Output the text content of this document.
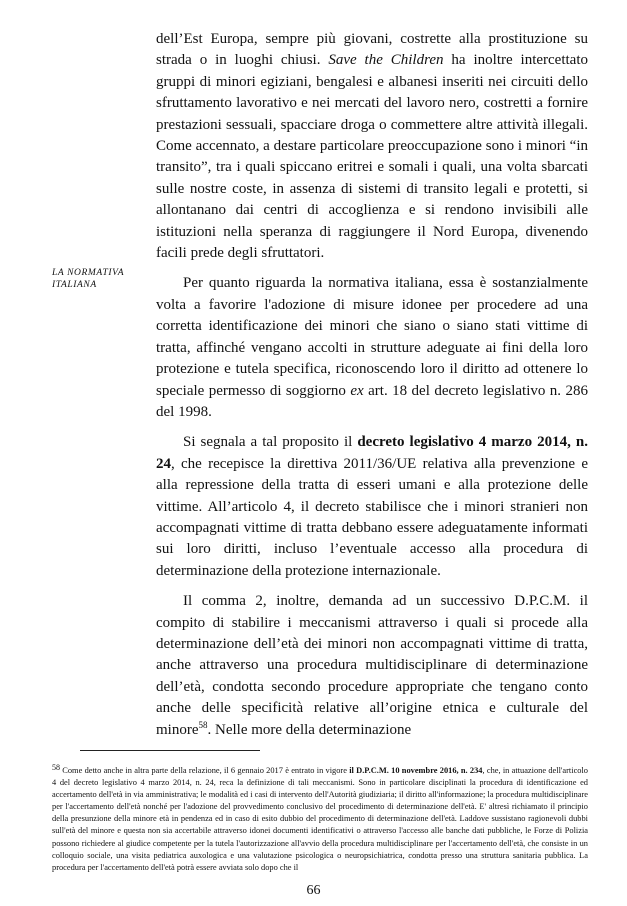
LA NORMATIVA ITALIANA

dell’Est Europa, sempre più giovani, costrette alla prostituzione su strada o in luoghi chiusi. Save the Children ha inoltre intercettato gruppi di minori egiziani, bengalesi e albanesi inseriti nei circuiti dello sfruttamento lavorativo e nei mercati del lavoro nero, costretti a fornire prestazioni sessuali, spacciare droga o commettere altre attività illegali. Come accennato, a destare particolare preoccupazione sono i minori “in transito”, tra i quali spiccano eritrei e somali i quali, una volta sbarcati sulle nostre coste, in assenza di sistemi di transito legali e protetti, si allontanano dai centri di accoglienza e si rendono invisibili alle istituzioni nella speranza di raggiungere il Nord Europa, divenendo facili prede degli sfruttatori.

Per quanto riguarda la normativa italiana, essa è sostanzialmente volta a favorire l'adozione di misure idonee per procedere ad una corretta identificazione dei minori che siano o siano stati vittime di tratta, affinché vengano accolti in strutture adeguate ai fini della loro protezione e tutela specifica, riconoscendo loro il diritto ad ottenere lo speciale permesso di soggiorno ex art. 18 del decreto legislativo n. 286 del 1998.

Si segnala a tal proposito il decreto legislativo 4 marzo 2014, n. 24, che recepisce la direttiva 2011/36/UE relativa alla prevenzione e alla repressione della tratta di esseri umani e alla protezione delle vittime. All’articolo 4, il decreto stabilisce che i minori stranieri non accompagnati vittime di tratta debbano essere adeguatamente informati sui loro diritti, incluso l’eventuale accesso alla procedura di determinazione della protezione internazionale.

Il comma 2, inoltre, demanda ad un successivo D.P.C.M. il compito di stabilire i meccanismi attraverso i quali si procede alla determinazione dell’età dei minori non accompagnati vittime di tratta, anche attraverso una procedura multidisciplinare di determinazione dell’età, condotta secondo procedure appropriate che tengano conto anche delle specificità relative all’origine etnica e culturale del minore$^{58}$. Nelle more della determinazione

58 Come detto anche in altra parte della relazione, il 6 gennaio 2017 è entrato in vigore il D.P.C.M. 10 novembre 2016, n. 234, che, in attuazione dell'articolo 4 del decreto legislativo 4 marzo 2014, n. 24, reca la definizione di tali meccanismi. Sono in particolare disciplinati la procedura di identificazione ed accertamento dell'età in via amministrativa; le modalità ed i casi di intervento dell'Autorità giudiziaria; il diritto all'informazione; la procedura multidisciplinare per l'accertamento dell'età nonché per l'adozione del provvedimento conclusivo del procedimento di determinazione dell'età. E' altresì richiamato il principio della presunzione della minore età in pendenza ed in caso di esito dubbio del procedimento di determinazione dell'età. Laddove sussistano ragionevoli dubbi sull'età del minore e questa non sia accertabile attraverso idonei documenti identificativi o attraverso l'accesso alle banche dati pubbliche, le Forze di Polizia possono richiedere al giudice competente per la tutela l'autorizzazione all'avvio della procedura multidisciplinare per l'accertamento dell'età, che consiste in un colloquio sociale, una visita pediatrica auxologica e una valutazione psicologica o neuropsichiatrica, condotta presso una struttura sanitaria pubblica. La procedura per l'accertamento dell'età potrà essere avviata solo dopo che il

66
